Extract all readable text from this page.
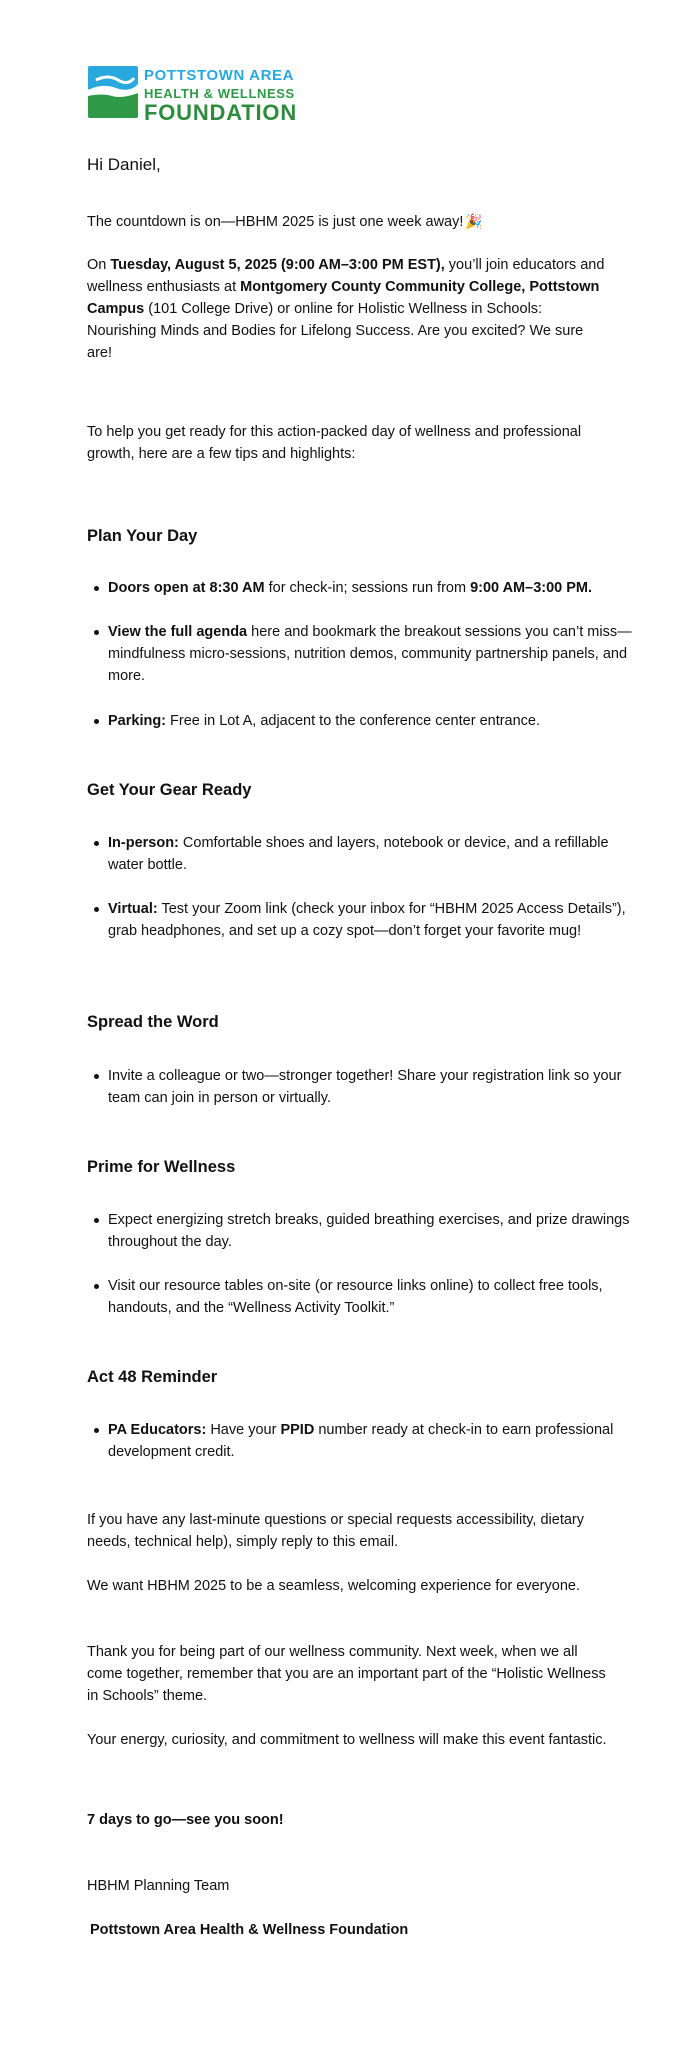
POTTSTOWN AREA
HEALTH & WELLNESS
FOUNDATION
Hi Daniel,
The countdown is on—HBHM 2025 is just one week away! 🎉
On Tuesday, August 5, 2025 (9:00 AM–3:00 PM EST), you’ll join educators and wellness enthusiasts at Montgomery County Community College, Pottstown Campus (101 College Drive) or online for Holistic Wellness in Schools: Nourishing Minds and Bodies for Lifelong Success. Are you excited? We sure are!
To help you get ready for this action-packed day of wellness and professional growth, here are a few tips and highlights:
Plan Your Day
Doors open at 8:30 AM for check-in; sessions run from 9:00 AM–3:00 PM.
View the full agenda here and bookmark the breakout sessions you can’t miss—mindfulness micro-sessions, nutrition demos, community partnership panels, and more.
Parking: Free in Lot A, adjacent to the conference center entrance.
Get Your Gear Ready
In-person: Comfortable shoes and layers, notebook or device, and a refillable water bottle.
Virtual: Test your Zoom link (check your inbox for “HBHM 2025 Access Details”), grab headphones, and set up a cozy spot—don’t forget your favorite mug!
Spread the Word
Invite a colleague or two—stronger together! Share your registration link so your team can join in person or virtually.
Prime for Wellness
Expect energizing stretch breaks, guided breathing exercises, and prize drawings throughout the day.
Visit our resource tables on-site (or resource links online) to collect free tools, handouts, and the “Wellness Activity Toolkit.”
Act 48 Reminder
PA Educators: Have your PPID number ready at check-in to earn professional development credit.
If you have any last-minute questions or special requests accessibility, dietary needs, technical help), simply reply to this email.
We want HBHM 2025 to be a seamless, welcoming experience for everyone.
Thank you for being part of our wellness community. Next week, when we all come together, remember that you are an important part of the “Holistic Wellness in Schools” theme.
Your energy, curiosity, and commitment to wellness will make this event fantastic.
7 days to go—see you soon!
HBHM Planning Team
Pottstown Area Health & Wellness Foundation
